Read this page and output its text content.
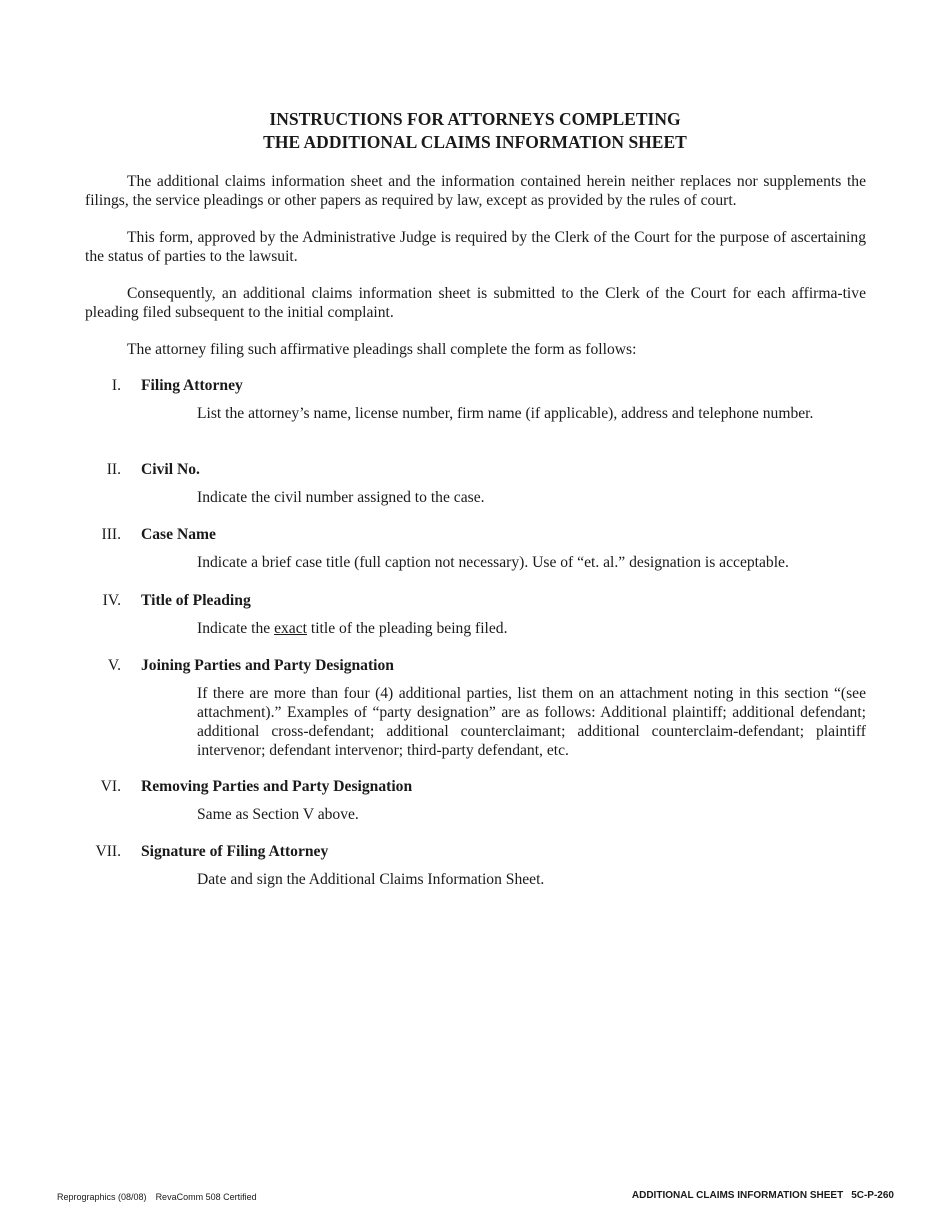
INSTRUCTIONS FOR ATTORNEYS COMPLETING
THE ADDITIONAL CLAIMS INFORMATION SHEET

The additional claims information sheet and the information contained herein neither replaces nor supplements the filings, the service pleadings or other papers as required by law, except as provided by the rules of court.

This form, approved by the Administrative Judge is required by the Clerk of the Court for the purpose of ascertaining the status of parties to the lawsuit.

Consequently, an additional claims information sheet is submitted to the Clerk of the Court for each affirma-tive pleading filed subsequent to the initial complaint.

The attorney filing such affirmative pleadings shall complete the form as follows:

I. Filing Attorney

List the attorney’s name, license number, firm name (if applicable), address and telephone number.

II. Civil No.

Indicate the civil number assigned to the case.

III. Case Name

Indicate a brief case title (full caption not necessary). Use of “et. al.” designation is acceptable.

IV. Title of Pleading

Indicate the exact title of the pleading being filed.

V. Joining Parties and Party Designation

If there are more than four (4) additional parties, list them on an attachment noting in this section “(see attachment).” Examples of “party designation” are as follows: Additional plaintiff; additional defendant; additional cross-defendant; additional counterclaimant; additional counterclaim-defendant; plaintiff intervenor; defendant intervenor; third-party defendant, etc.

VI. Removing Parties and Party Designation

Same as Section V above.

VII. Signature of Filing Attorney

Date and sign the Additional Claims Information Sheet.

Reprographics (08/08) RevaComm 508 Certified	ADDITIONAL CLAIMS INFORMATION SHEET 5C-P-260
